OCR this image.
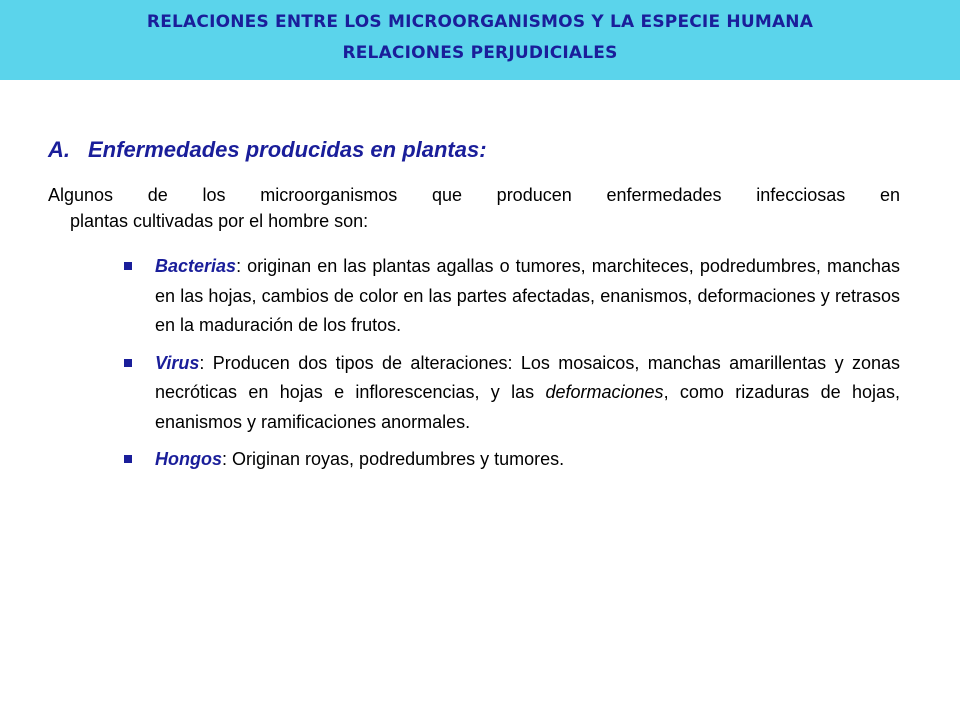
RELACIONES ENTRE LOS MICROORGANISMOS Y LA ESPECIE HUMANA
RELACIONES PERJUDICIALES
A. Enfermedades producidas en plantas:
Algunos de los microorganismos que producen enfermedades infecciosas en
plantas cultivadas por el hombre son:
Bacterias: originan en las plantas agallas o tumores, marchiteces, podredumbres, manchas en las hojas, cambios de color en las partes afectadas, enanismos, deformaciones y retrasos en la maduración de los frutos.
Virus: Producen dos tipos de alteraciones: Los mosaicos, manchas amarillentas y zonas necróticas en hojas e inflorescencias, y las deformaciones, como rizaduras de hojas, enanismos y ramificaciones anormales.
Hongos: Originan royas, podredumbres y tumores.
